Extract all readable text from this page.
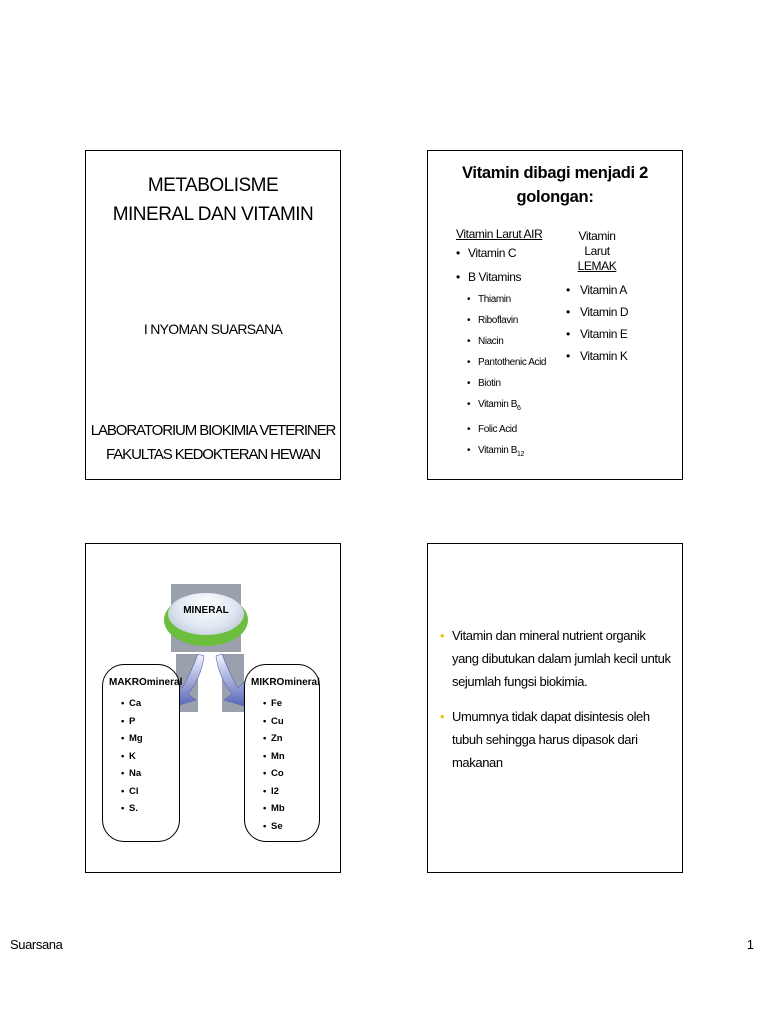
METABOLISME
MINERAL DAN VITAMIN
I NYOMAN SUARSANA
LABORATORIUM BIOKIMIA VETERINER
FAKULTAS KEDOKTERAN HEWAN
Vitamin dibagi menjadi 2
golongan:
Vitamin Larut AIR
• Vitamin C
• B Vitamins
• Thiamin
• Riboflavin
• Niacin
• Pantothenic Acid
• Biotin
• Vitamin $B_6$
• Folic Acid
• Vitamin $B_{12}$
Vitamin Larut
LEMAK
• Vitamin A
• Vitamin D
• Vitamin E
• Vitamin K
MINERAL
MAKROmineral
• Ca
• P
• Mg
• K
• Na
• Cl
• S.
MIKROmineral
• Fe
• Cu
• Zn
• Mn
• Co
• I2
• Mb
• Se
• Vitamin dan mineral nutrient organik yang dibutukan dalam jumlah kecil untuk sejumlah fungsi biokimia.
• Umumnya tidak dapat disintesis oleh tubuh sehingga harus dipasok dari makanan
Suarsana	1
